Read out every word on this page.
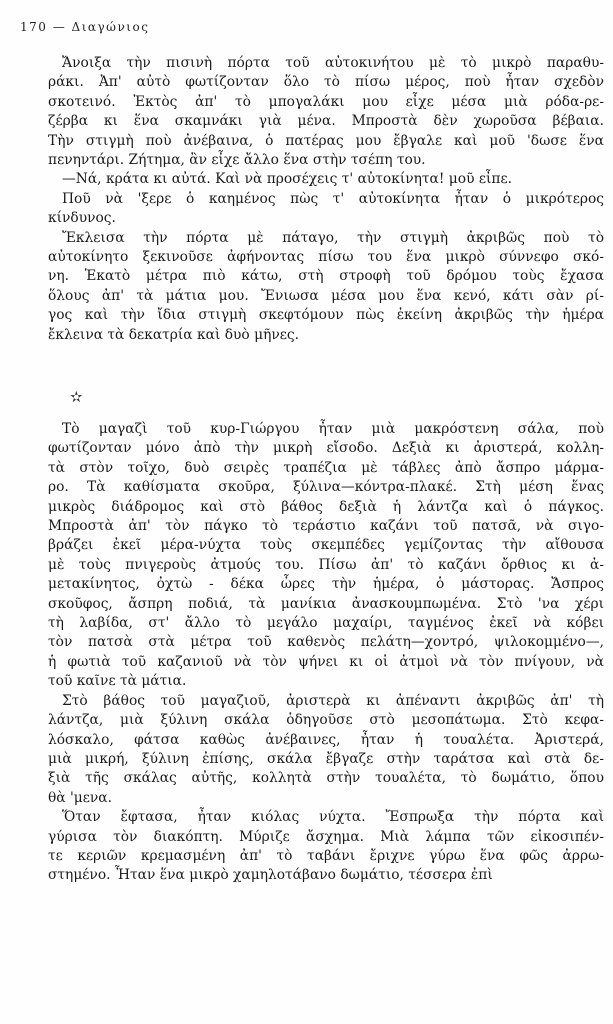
170 — Διαγώνιος
Ἄνοιξα τὴν πισινὴ πόρτα τοῦ αὐτοκινήτου μὲ τὸ μικρὸ παραθυ-
ράκι. Ἀπ' αὐτὸ φωτίζονταν ὅλο τὸ πίσω μέρος, ποὺ ἦταν σχεδὸν
σκοτεινό. Ἐκτὸς ἀπ' τὸ μπογαλάκι μου εἶχε μέσα μιὰ ρόδα-ρε-
ζέρβα κι ἕνα σκαμνάκι γιὰ μένα. Μπροστὰ δὲν χωροῦσα βέβαια.
Τὴν στιγμὴ ποὺ ἀνέβαινα, ὁ πατέρας μου ἔβγαλε καὶ μοῦ 'δωσε ἕνα
πενηντάρι. Ζήτημα, ἂν εἶχε ἄλλο ἕνα στὴν τσέπη του.
—Νά, κράτα κι αὐτά. Καὶ νὰ προσέχεις τ' αὐτοκίνητα! μοῦ εἶπε.
Ποῦ νὰ 'ξερε ὁ καημένος πὼς τ' αὐτοκίνητα ἦταν ὁ μικρότερος
κίνδυνος.
Ἔκλεισα τὴν πόρτα μὲ πάταγο, τὴν στιγμὴ ἀκριβῶς ποὺ τὸ
αὐτοκίνητο ξεκινοῦσε ἀφήνοντας πίσω του ἕνα μικρὸ σύννεφο σκό-
νη. Ἑκατὸ μέτρα πιὸ κάτω, στὴ στροφὴ τοῦ δρόμου τοὺς ἔχασα
ὅλους ἀπ' τὰ μάτια μου. Ἔνιωσα μέσα μου ἕνα κενό, κάτι σὰν ρί-
γος καὶ τὴν ἴδια στιγμὴ σκεφτόμουν πὼς ἐκείνη ἀκριβῶς τὴν ἡμέρα
ἔκλεινα τὰ δεκατρία καὶ δυὸ μῆνες.
✫
Τὸ μαγαζὶ τοῦ κυρ-Γιώργου ἦταν μιὰ μακρόστενη σάλα, ποὺ
φωτίζονταν μόνο ἀπὸ τὴν μικρὴ εἴσοδο. Δεξιὰ κι ἀριστερά, κολλη-
τὰ στὸν τοῖχο, δυὸ σειρὲς τραπέζια μὲ τάβλες ἀπὸ ἄσπρο μάρμα-
ρο. Τὰ καθίσματα σκοῦρα, ξύλινα—κόντρα-πλακέ. Στὴ μέση ἕνας
μικρὸς διάδρομος καὶ στὸ βάθος δεξιὰ ἡ λάντζα καὶ ὁ πάγκος.
Μπροστὰ ἀπ' τὸν πάγκο τὸ τεράστιο καζάνι τοῦ πατσᾶ, νὰ σιγο-
βράζει ἐκεῖ μέρα-νύχτα τοὺς σκεμπέδες γεμίζοντας τὴν αἴθουσα
μὲ τοὺς πνιγεροὺς ἀτμούς του. Πίσω ἀπ' τὸ καζάνι ὄρθιος κι ἀ-
μετακίνητος, ὀχτὼ - δέκα ὧρες τὴν ἡμέρα, ὁ μάστορας. Ἄσπρος
σκοῦφος, ἄσπρη ποδιά, τὰ μανίκια ἀνασκουμπωμένα. Στὸ 'να χέρι
τὴ λαβίδα, στ' ἄλλο τὸ μεγάλο μαχαίρι, ταγμένος ἐκεῖ νὰ κόβει
τὸν πατσὰ στὰ μέτρα τοῦ καθενὸς πελάτη—χοντρό, ψιλοκομμένο—,
ἡ φωτιὰ τοῦ καζανιοῦ νὰ τὸν ψήνει κι οἱ ἀτμοὶ νὰ τὸν πνίγουν, νὰ
τοῦ καῖνε τὰ μάτια.
Στὸ βάθος τοῦ μαγαζιοῦ, ἀριστερὰ κι ἀπέναντι ἀκριβῶς ἀπ' τὴ
λάντζα, μιὰ ξύλινη σκάλα ὁδηγοῦσε στὸ μεσοπάτωμα. Στὸ κεφα-
λόσκαλο, φάτσα καθὼς ἀνέβαινες, ἦταν ἡ τουαλέτα. Ἀριστερά,
μιὰ μικρή, ξύλινη ἐπίσης, σκάλα ἔβγαζε στὴν ταράτσα καὶ στὰ δε-
ξιὰ τῆς σκάλας αὐτῆς, κολλητὰ στὴν τουαλέτα, τὸ δωμάτιο, ὅπου
θὰ 'μενα.
Ὅταν ἔφτασα, ἦταν κιόλας νύχτα. Ἔσπρωξα τὴν πόρτα καὶ
γύρισα τὸν διακόπτη. Μύριζε ἄσχημα. Μιὰ λάμπα τῶν εἰκοσιπέν-
τε κεριῶν κρεμασμένη ἀπ' τὸ ταβάνι ἔριχνε γύρω ἕνα φῶς ἀρρω-
στημένο. Ἦταν ἕνα μικρὸ χαμηλοτάβανο δωμάτιο, τέσσερα ἐπὶ
